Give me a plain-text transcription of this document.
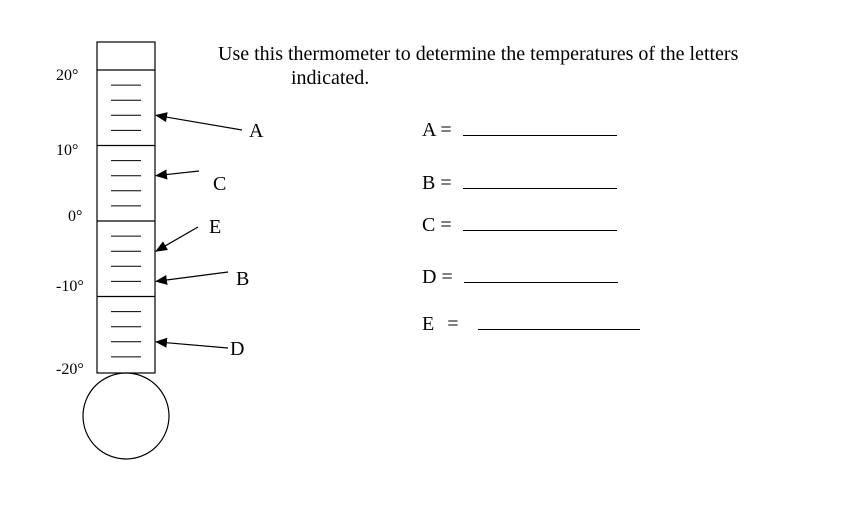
20°
10°
0°
-10°
-20°
A
C
E
B
D
Use this thermometer to determine the temperatures of the letters
indicated.
A =
B =
C =
D =
E =
